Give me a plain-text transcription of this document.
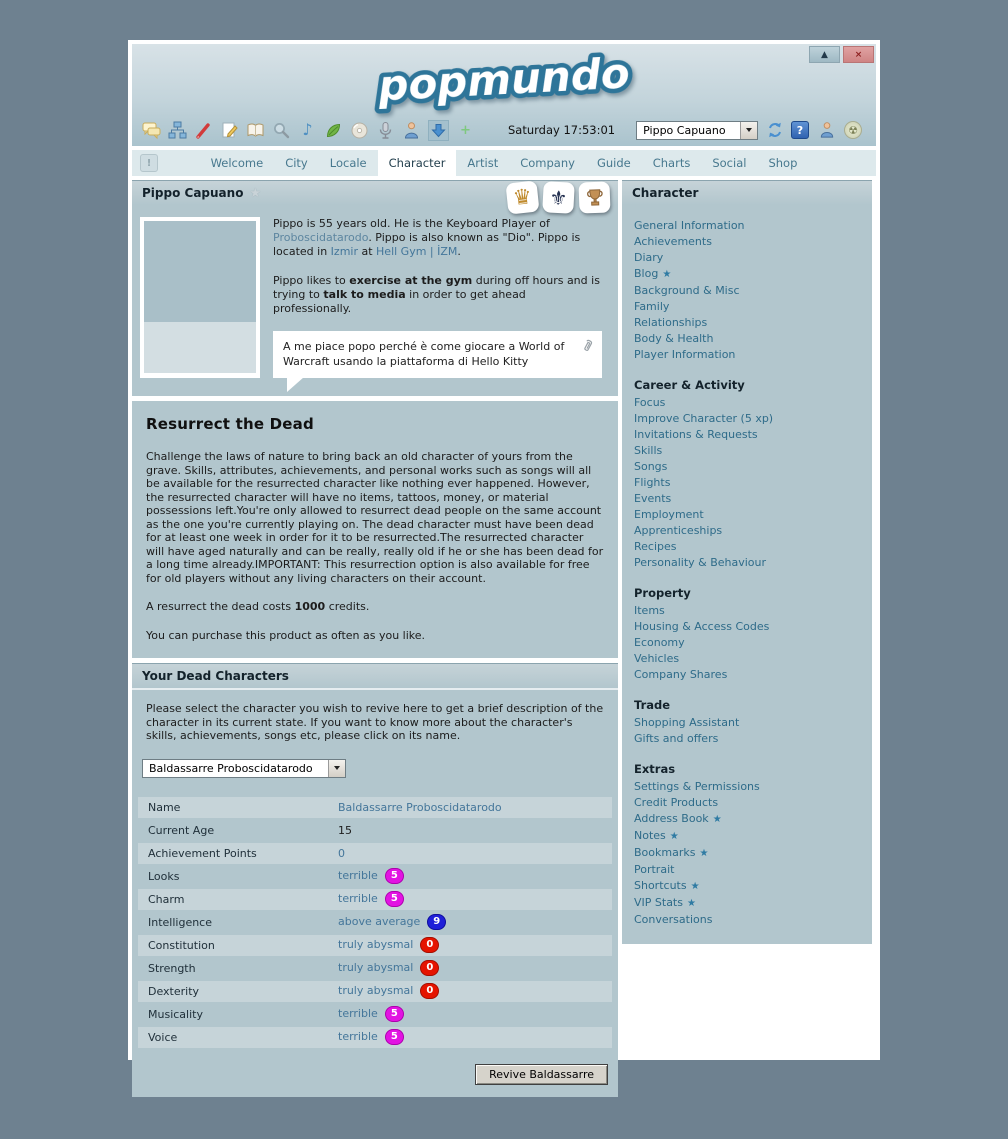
▲	×
popmundo
♪	+	Saturday 17:53:01	Pippo Capuano	?	☢
!	Welcome	City	Locale	Character	Artist	Company	Guide	Charts	Social	Shop
Pippo Capuano ★	♛ ⚜

Pippo is 55 years old. He is the Keyboard Player of Proboscidatarodo. Pippo is also known as "Dio". Pippo is located in Izmir at Hell Gym | İZM.

Pippo likes to exercise at the gym during off hours and is trying to talk to media in order to get ahead professionally.

A me piace popo perché è come giocare a World of Warcraft usando la piattaforma di Hello Kitty
Resurrect the Dead

Challenge the laws of nature to bring back an old character of yours from the grave. Skills, attributes, achievements, and personal works such as songs will all be available for the resurrected character like nothing ever happened. However, the resurrected character will have no items, tattoos, money, or material possessions left.You're only allowed to resurrect dead people on the same account as the one you're currently playing on. The dead character must have been dead for at least one week in order for it to be resurrected.The resurrected character will have aged naturally and can be really, really old if he or she has been dead for a long time already.IMPORTANT: This resurrection option is also available for free for old players without any living characters on their account.

A resurrect the dead costs 1000 credits.

You can purchase this product as often as you like.

Your Dead Characters
Please select the character you wish to revive here to get a brief description of the character in its current state. If you want to know more about the character's skills, achievements, songs etc, please click on its name.
Baldassarre Proboscidatarodo
Name	Baldassarre Proboscidatarodo
Current Age	15
Achievement Points	0
Looks	terrible 5
Charm	terrible 5
Intelligence	above average 9
Constitution	truly abysmal 0
Strength	truly abysmal 0
Dexterity	truly abysmal 0
Musicality	terrible 5
Voice	terrible 5
Revive Baldassarre
Character
General Information
Achievements
Diary
Blog ★
Background & Misc
Family
Relationships
Body & Health
Player Information
Career & Activity
Focus
Improve Character (5 xp)
Invitations & Requests
Skills
Songs
Flights
Events
Employment
Apprenticeships
Recipes
Personality & Behaviour
Property
Items
Housing & Access Codes
Economy
Vehicles
Company Shares
Trade
Shopping Assistant
Gifts and offers
Extras
Settings & Permissions
Credit Products
Address Book ★
Notes ★
Bookmarks ★
Portrait
Shortcuts ★
VIP Stats ★
Conversations
